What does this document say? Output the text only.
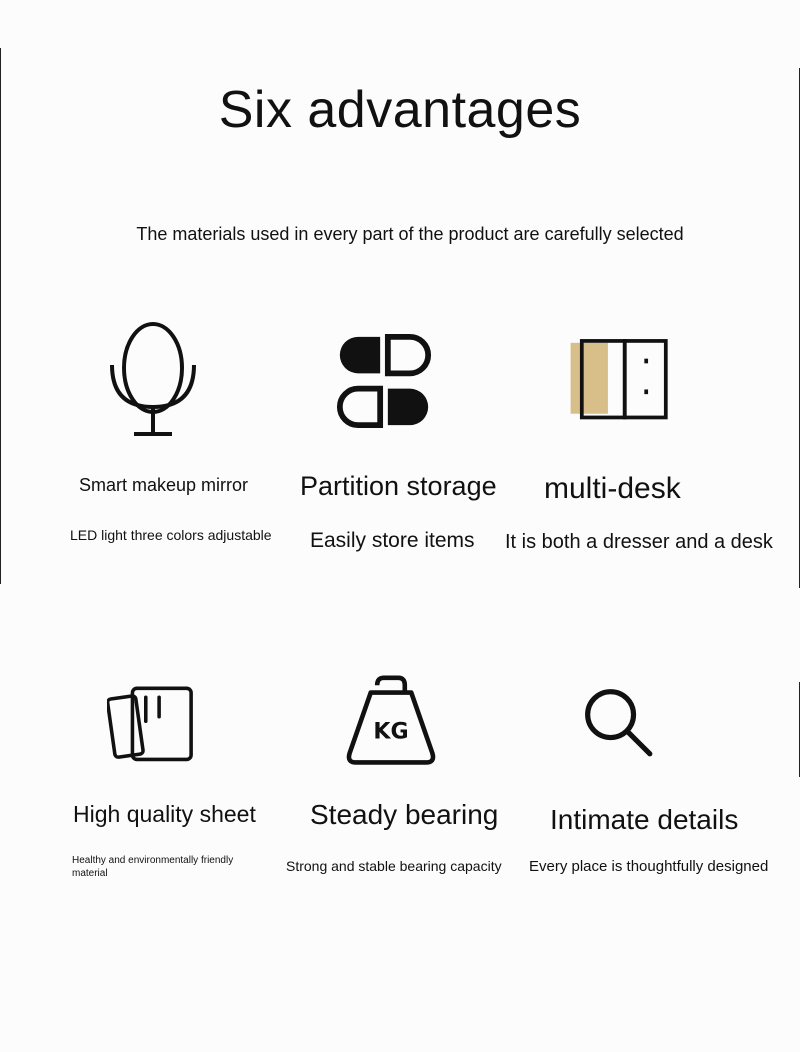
Six advantages

The materials used in every part of the product are carefully selected

Smart makeup mirror

LED light three colors adjustable

Partition storage

Easily store items

multi-desk

It is both a dresser and a desk

High quality sheet

Healthy and environmentally friendly material

KG

Steady bearing

Strong and stable bearing capacity

Intimate details

Every place is thoughtfully designed
